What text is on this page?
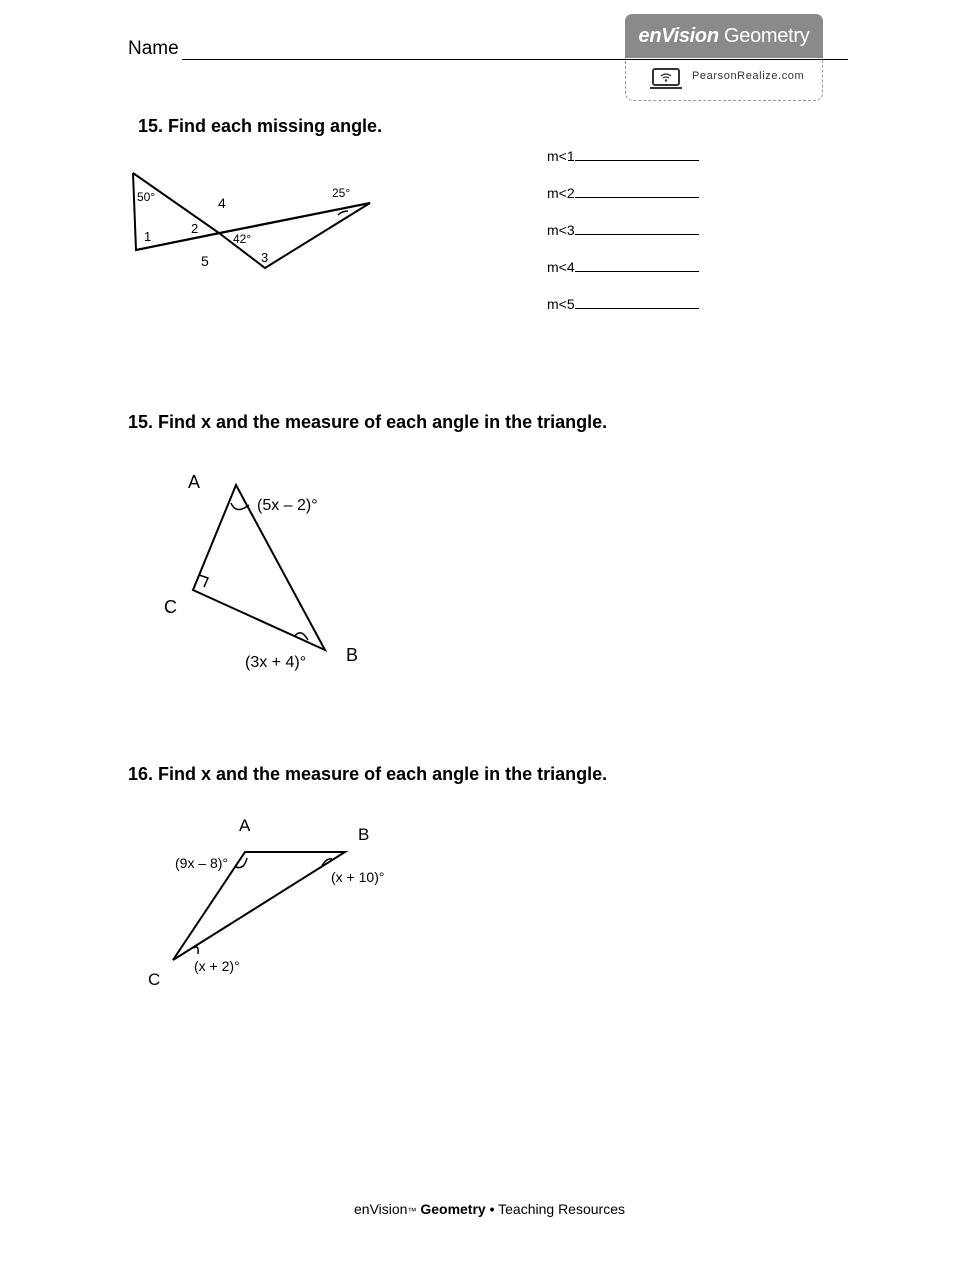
Name
enVision Geometry
PearsonRealize.com
15. Find each missing angle.
50°	25°
42°
1
2
3
4
5
m<1
m<2
m<3
m<4
m<5
15. Find x and the measure of each angle in the triangle.
A
C
B
(5x – 2)°
(3x + 4)°
16. Find x and the measure of each angle in the triangle.
A	B
C
(9x – 8)°
(x + 10)°
(x + 2)°
enVision™ Geometry • Teaching Resources
